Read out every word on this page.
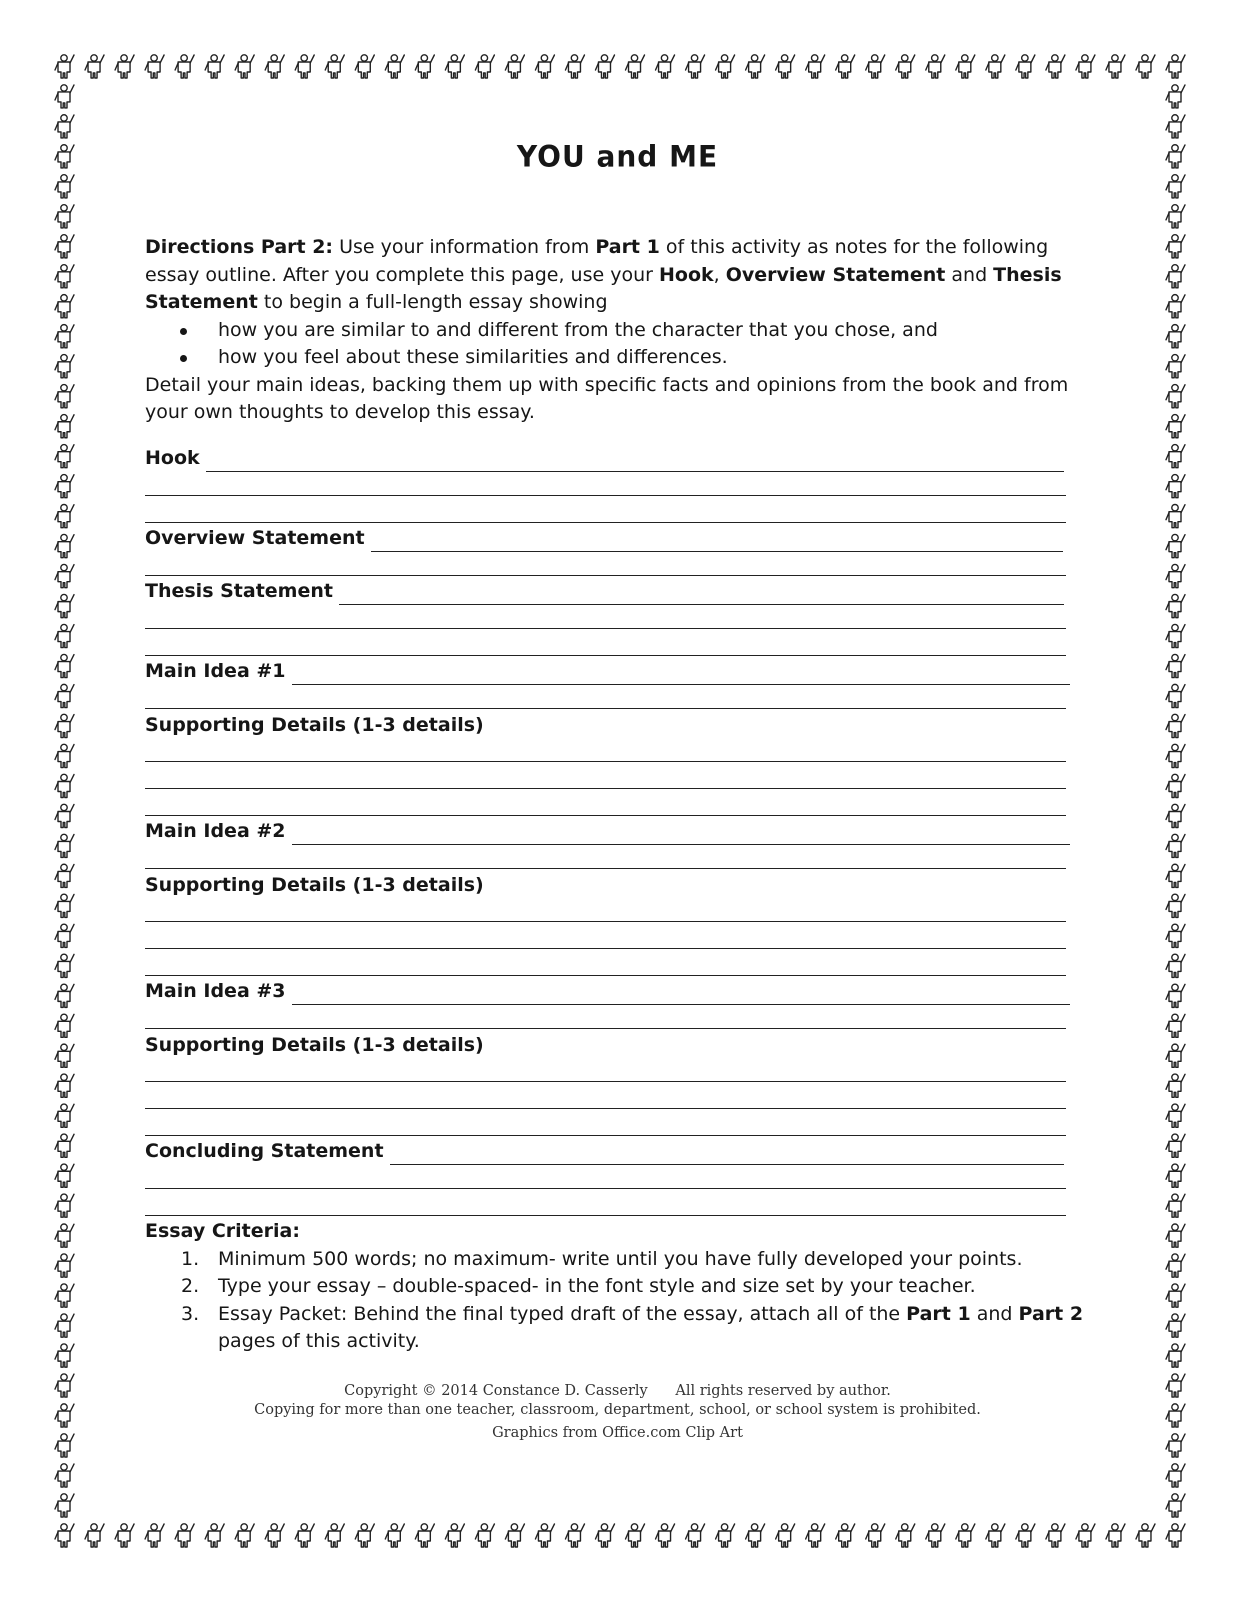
YOU and ME

Directions Part 2: Use your information from Part 1 of this activity as notes for the following essay outline. After you complete this page, use your Hook, Overview Statement and Thesis Statement to begin a full-length essay showing

how you are similar to and different from the character that you chose, and
how you feel about these similarities and differences.

Detail your main ideas, backing them up with specific facts and opinions from the book and from your own thoughts to develop this essay.

Hook
Overview Statement
Thesis Statement
Main Idea #1
Supporting Details (1-3 details)
Main Idea #2
Supporting Details (1-3 details)
Main Idea #3
Supporting Details (1-3 details)
Concluding Statement
Essay Criteria:
1. Minimum 500 words; no maximum- write until you have fully developed your points.
2. Type your essay – double-spaced- in the font style and size set by your teacher.
3. Essay Packet: Behind the final typed draft of the essay, attach all of the Part 1 and Part 2 pages of this activity.
Copyright © 2014 Constance D. Casserly      All rights reserved by author.
Copying for more than one teacher, classroom, department, school, or school system is prohibited.
Graphics from Office.com Clip Art
